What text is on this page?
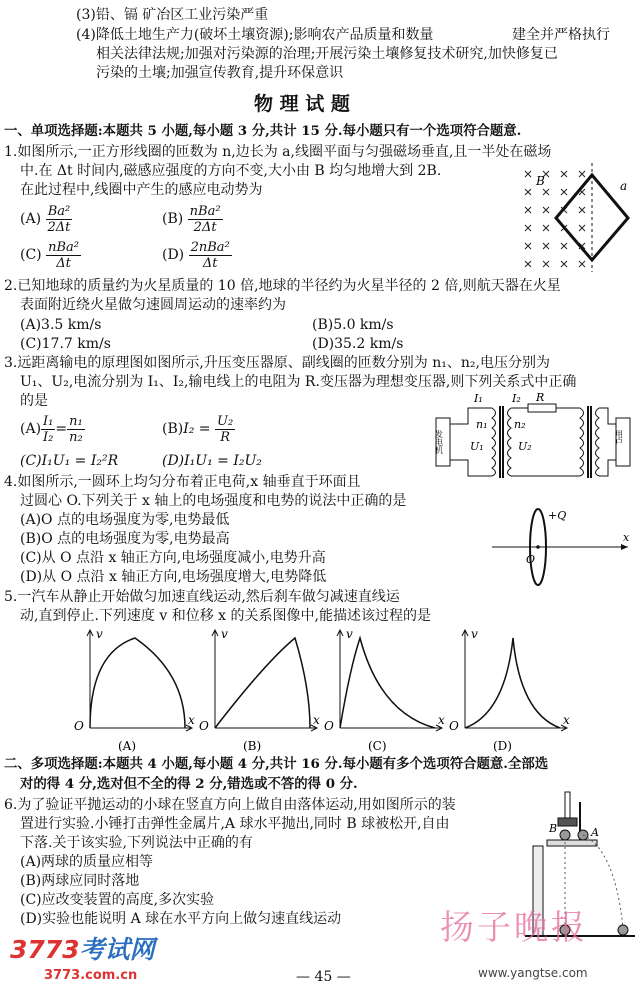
(3)铅、镉 矿冶区工业污染严重
(4)降低土地生产力(破坏土壤资源);影响农产品质量和数量	建全并严格执行
相关法律法规;加强对污染源的治理;开展污染土壤修复技术研究,加快修复已
污染的土壤;加强宣传教育,提升环保意识
物 理 试 题
一、单项选择题:本题共 5 小题,每小题 3 分,共计 15 分.每小题只有一个选项符合题意.
1.如图所示,一正方形线圈的匝数为 n,边长为 a,线圈平面与匀强磁场垂直,且一半处在磁场
中.在 Δt 时间内,磁感应强度的方向不变,大小由 B 均匀地增大到 2B.
在此过程中,线圈中产生的感应电动势为
$(A) \frac{\text{Ba²}}{2\Delta t}$	$(B) \frac{\text{nBa²}}{2\Delta t}$
$(C) \frac{\text{nBa²}}{\Delta t}$	$(D) \frac{\text{2nBa²}}{\Delta t}$
B	a
2.已知地球的质量约为火星质量的 10 倍,地球的半径约为火星半径的 2 倍,则航天器在火星
表面附近绕火星做匀速圆周运动的速率约为
(A)3.5 km/s	(B)5.0 km/s
(C)17.7 km/s	(D)35.2 km/s
3.远距离输电的原理图如图所示,升压变压器原、副线圈的匝数分别为 n₁、n₂,电压分别为
U₁、U₂,电流分别为 I₁、I₂,输电线上的电阻为 R.变压器为理想变压器,则下列关系式中正确
的是
$(A) \frac{\text{I₁}}{\text{I₂}} = \frac{\text{n₁}}{\text{n₂}}$	$(B)I_2 = \frac{\text{U₂}}{R}$
(C)I₁U₁ = I₂²R	(D)I₁U₁ = I₂U₂
发电机	用户
I₁	I₂ R
n₁ n₂
U₁	U₂
4.如图所示,一圆环上均匀分布着正电荷,x 轴垂直于环面且
过圆心 O.下列关于 x 轴上的电场强度和电势的说法中正确的是
(A)O 点的电场强度为零,电势最低
(B)O 点的电场强度为零,电势最高
(C)从 O 点沿 x 轴正方向,电场强度减小,电势升高
(D)从 O 点沿 x 轴正方向,电场强度增大,电势降低
+Q
O
x
5.一汽车从静止开始做匀加速直线运动,然后刹车做匀减速直线运
动,直到停止.下列速度 v 和位移 x 的关系图像中,能描述该过程的是
v
x
O
(A)
v
x
O
(B)
v
x
O
(C)
v
x
O
(D)
二、多项选择题:本题共 4 小题,每小题 4 分,共计 16 分.每小题有多个选项符合题意.全部选
对的得 4 分,选对但不全的得 2 分,错选或不答的得 0 分.
6.为了验证平抛运动的小球在竖直方向上做自由落体运动,用如图所示的装
置进行实验.小锤打击弹性金属片,A 球水平抛出,同时 B 球被松开,自由
下落.关于该实验,下列说法中正确的有
(A)两球的质量应相等
(B)两球应同时落地
(C)应改变装置的高度,多次实验
(D)实验也能说明 A 球在水平方向上做匀速直线运动
B	A
扬子晚报
www.yangtse.com
3773考试网
3773.com.cn	— 45 —
